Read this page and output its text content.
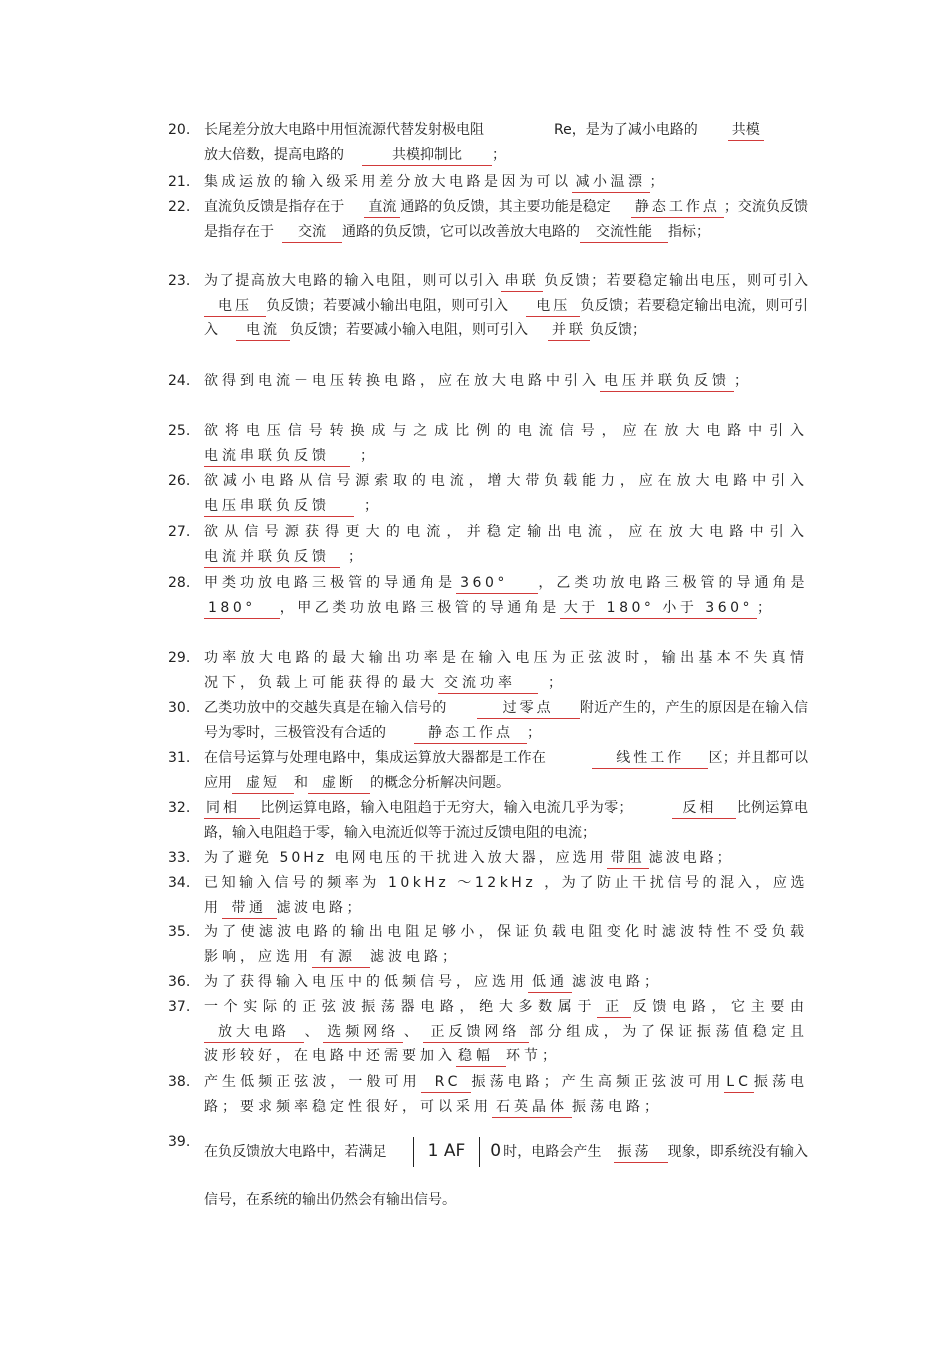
20. 长尾差分放大电路中用恒流源代替发射极电阻	Re，是为了减小电路的 共模
放大倍数，提高电路的	共模抑制比 ；
21. 集成运放的输入级采用差分放大电路是因为可以 减小温漂 ；
22. 直流负反馈是指存在于 直流 通路的负反馈，其主要功能是稳定 静态工作点 ；交流负反馈是指存在于 交流 通路的负反馈，它可以改善放大电路的 交流性能 指标；
23. 为了提高放大电路的输入电阻，则可以引入 串联 负反馈；若要稳定输出电压，则可引入电压 负反馈；若要减小输出电阻，则可引入 电压 负反馈；若要稳定输出电流，则可引入 电流 负反馈；若要减小输入电阻，则可引入 并联 负反馈；
24. 欲得到电流－电压转换电路，应在放大电路中引入 电压并联负反馈 ；
25. 欲将电压信号转换成与之成比例的电流信号，应在放大电路中引入电流串联负反馈 ；
26. 欲减小电路从信号源索取的电流，增大带负载能力，应在放大电路中引入电压串联负反馈 ；
27. 欲从信号源获得更大的电流，并稳定输出电流，应在放大电路中引入电流并联负反馈 ；
28. 甲类功放电路三极管的导通角是 360° ，乙类功放电路三极管的导通角是180° ，甲乙类功放电路三极管的导通角是 大于 180° 小于 360° ；
29. 功率放大电路的最大输出功率是在输入电压为正弦波时，输出基本不失真情况下，负载上可能获得的最大 交流功率 ；
30. 乙类功放中的交越失真是在输入信号的	过零点 附近产生的，产生的原因是在输入信号为零时，三极管没有合适的	静态工作点 ；
31. 在信号运算与处理电路中，集成运算放大器都是工作在	线性工作 区；并且都可以应用 虚短 和 虚断 的概念分析解决问题。
32.	同相 比例运算电路，输入电阻趋于无穷大，输入电流几乎为零；	反相 比例运算电路，输入电阻趋于零，输入电流近似等于流过反馈电阻的电流；
33. 为了避免 50Hz 电网电压的干扰进入放大器，应选用 带阻 滤波电路；
34. 已知输入信号的频率为 10kHz ～12kHz ，为了防止干扰信号的混入，应选用 带通 滤波电路；
35. 为了使滤波电路的输出电阻足够小，保证负载电阻变化时滤波特性不受负载影响，应选用 有源 滤波电路；
36. 为了获得输入电压中的低频信号，应选用 低通 滤波电路；
37. 一个实际的正弦波振荡器电路，绝大多数属于 正 反馈电路，它主要由放大电路 、 选频网络 、 正反馈网络 部分组成，为了保证振荡值稳定且波形较好，在电路中还需要加入 稳幅 环节；
38. 产生低频正弦波，一般可用 RC 振荡电路；产生高频正弦波可用 LC 振荡电路；要求频率稳定性很好，可以采用 石英晶体 振荡电路；
39.
在负反馈放大电路中，若满足 1 AF 0 时，电路会产生 振荡 现象，即系统没有输入信号，在系统的输出仍然会有输出信号。
